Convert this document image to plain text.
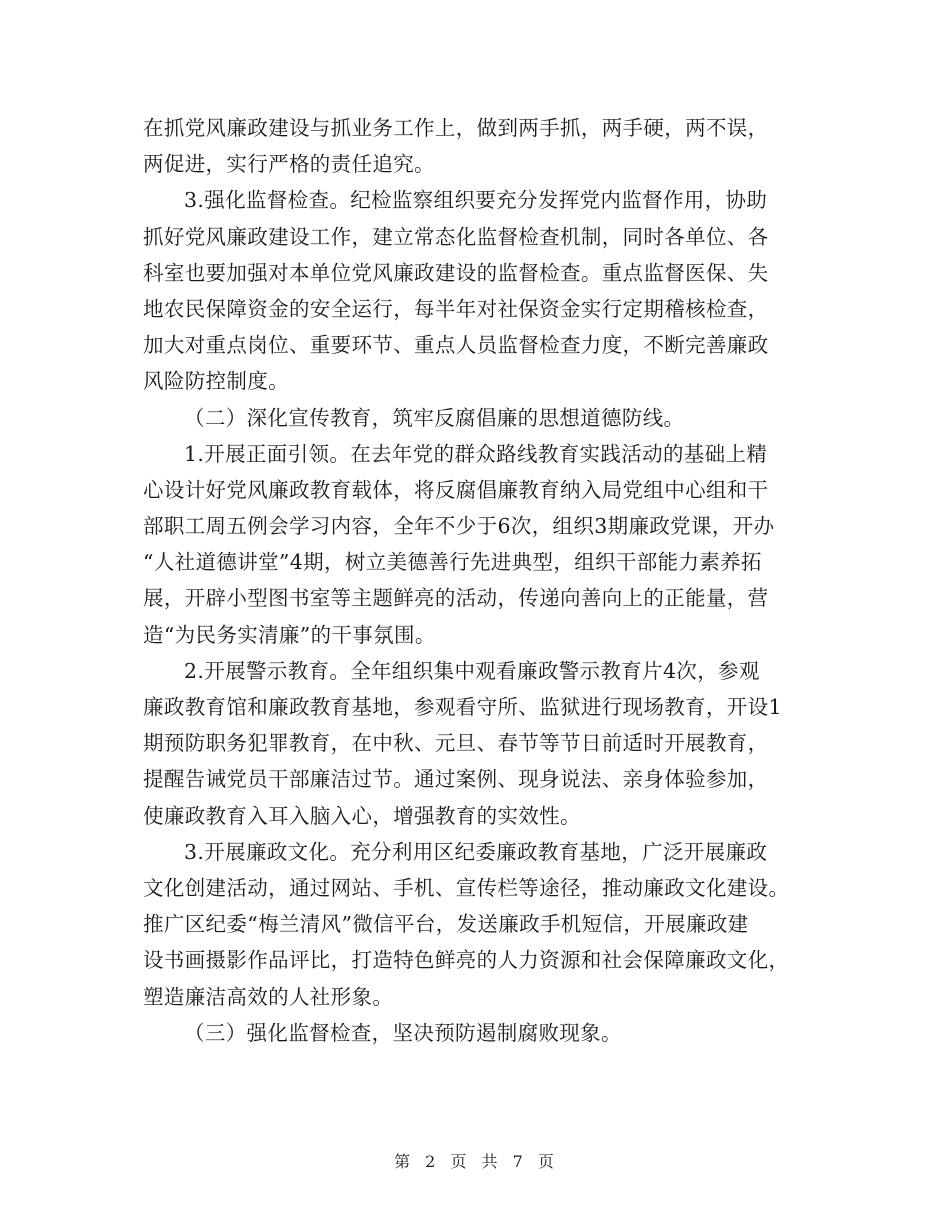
在抓党风廉政建设与抓业务工作上，做到两手抓，两手硬，两不误，
两促进，实行严格的责任追究。
3.强化监督检查。纪检监察组织要充分发挥党内监督作用，协助
抓好党风廉政建设工作，建立常态化监督检查机制，同时各单位、各
科室也要加强对本单位党风廉政建设的监督检查。重点监督医保、失
地农民保障资金的安全运行，每半年对社保资金实行定期稽核检查，
加大对重点岗位、重要环节、重点人员监督检查力度，不断完善廉政
风险防控制度。
（二）深化宣传教育，筑牢反腐倡廉的思想道德防线。
1.开展正面引领。在去年党的群众路线教育实践活动的基础上精
心设计好党风廉政教育载体，将反腐倡廉教育纳入局党组中心组和干
部职工周五例会学习内容，全年不少于6次，组织3期廉政党课，开办
“人社道德讲堂”4期，树立美德善行先进典型，组织干部能力素养拓
展，开辟小型图书室等主题鲜亮的活动，传递向善向上的正能量，营
造“为民务实清廉”的干事氛围。
2.开展警示教育。全年组织集中观看廉政警示教育片4次，参观
廉政教育馆和廉政教育基地，参观看守所、监狱进行现场教育，开设1
期预防职务犯罪教育，在中秋、元旦、春节等节日前适时开展教育，
提醒告诫党员干部廉洁过节。通过案例、现身说法、亲身体验参加，
使廉政教育入耳入脑入心，增强教育的实效性。
3.开展廉政文化。充分利用区纪委廉政教育基地，广泛开展廉政
文化创建活动，通过网站、手机、宣传栏等途径，推动廉政文化建设。
推广区纪委“梅兰清风”微信平台，发送廉政手机短信，开展廉政建
设书画摄影作品评比，打造特色鲜亮的人力资源和社会保障廉政文化，
塑造廉洁高效的人社形象。
（三）强化监督检查，坚决预防遏制腐败现象。
第 2 页 共 7 页
